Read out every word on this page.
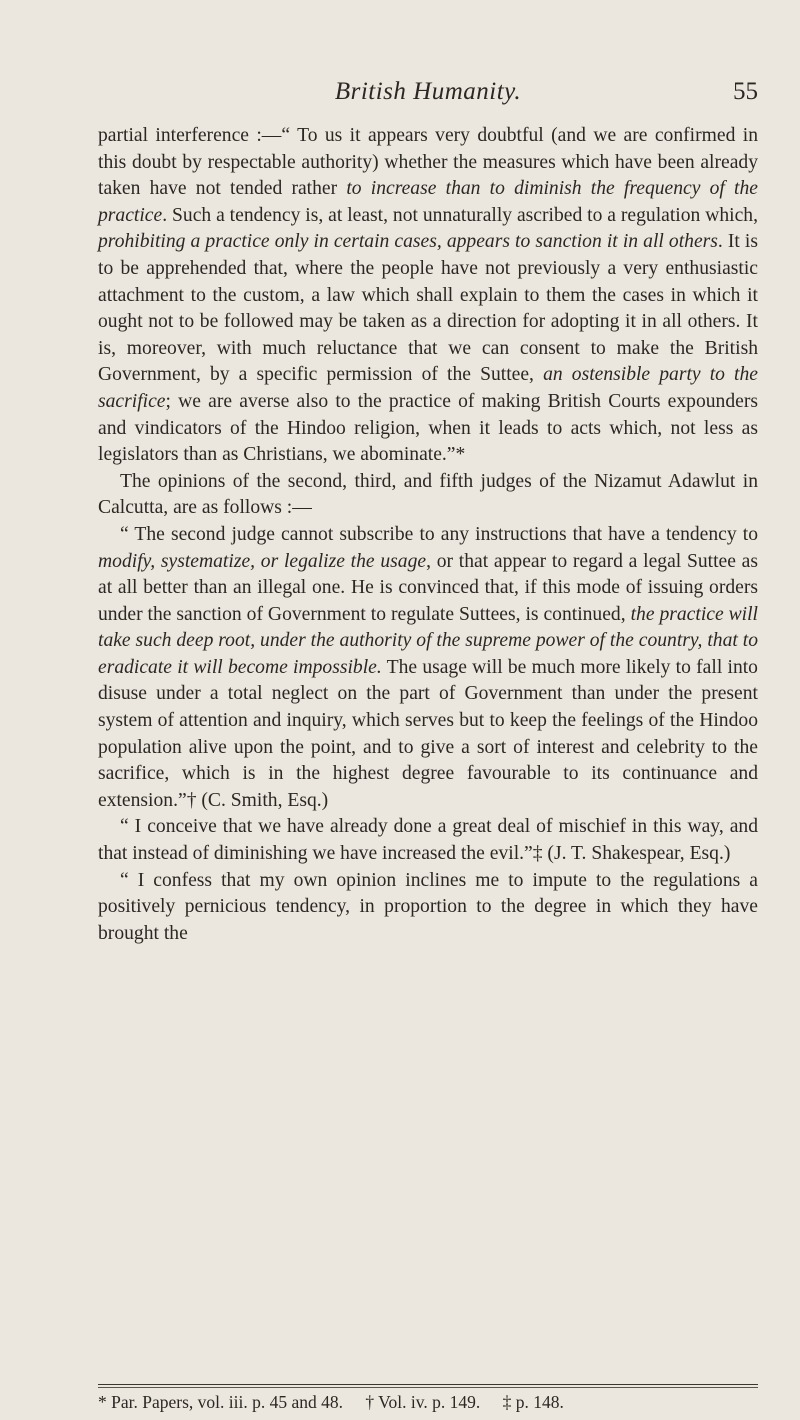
British Humanity.	55

partial interference :—“ To us it appears very doubtful (and we are confirmed in this doubt by respectable authority) whether the measures which have been already taken have not tended rather to increase than to diminish the frequency of the practice. Such a tendency is, at least, not unnaturally ascribed to a regulation which, prohibiting a practice only in certain cases, appears to sanction it in all others. It is to be apprehended that, where the people have not previously a very enthusiastic attachment to the custom, a law which shall explain to them the cases in which it ought not to be followed may be taken as a direction for adopting it in all others. It is, moreover, with much reluctance that we can consent to make the British Government, by a specific permission of the Suttee, an ostensible party to the sacrifice; we are averse also to the practice of making British Courts expounders and vindicators of the Hindoo religion, when it leads to acts which, not less as legislators than as Christians, we abominate.”*

The opinions of the second, third, and fifth judges of the Nizamut Adawlut in Calcutta, are as follows :—

“ The second judge cannot subscribe to any instructions that have a tendency to modify, systematize, or legalize the usage, or that appear to regard a legal Suttee as at all better than an illegal one. He is convinced that, if this mode of issuing orders under the sanction of Government to regulate Suttees, is continued, the practice will take such deep root, under the authority of the supreme power of the country, that to eradicate it will become impossible. The usage will be much more likely to fall into disuse under a total neglect on the part of Government than under the present system of attention and inquiry, which serves but to keep the feelings of the Hindoo population alive upon the point, and to give a sort of interest and celebrity to the sacrifice, which is in the highest degree favourable to its continuance and extension.”† (C. Smith, Esq.)

“ I conceive that we have already done a great deal of mischief in this way, and that instead of diminishing we have increased the evil.”‡ (J. T. Shakespear, Esq.)

“ I confess that my own opinion inclines me to impute to the regulations a positively pernicious tendency, in proportion to the degree in which they have brought the

* Par. Papers, vol. iii. p. 45 and 48. † Vol. iv. p. 149. ‡ p. 148.
